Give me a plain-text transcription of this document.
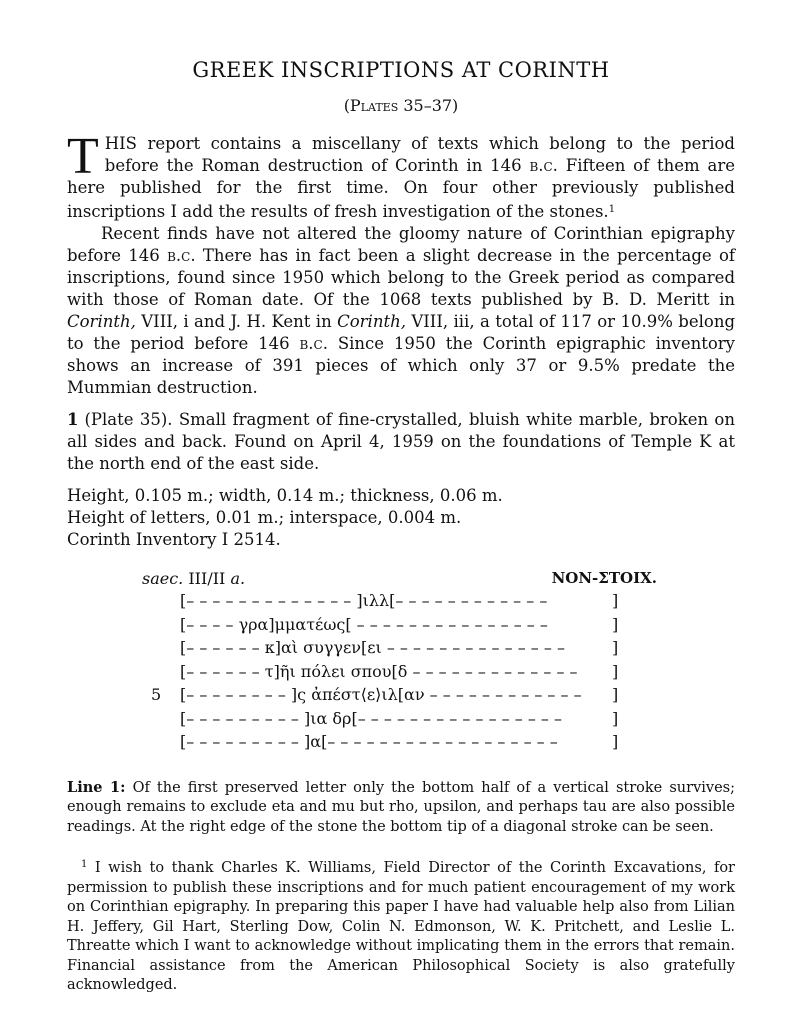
GREEK INSCRIPTIONS AT CORINTH
(Plates 35–37)

THIS report contains a miscellany of texts which belong to the period before the Roman destruction of Corinth in 146 b.c. Fifteen of them are here published for the first time. On four other previously published inscriptions I add the results of fresh investigation of the stones.$^1$

Recent finds have not altered the gloomy nature of Corinthian epigraphy before 146 b.c. There has in fact been a slight decrease in the percentage of inscriptions, found since 1950 which belong to the Greek period as compared with those of Roman date. Of the 1068 texts published by B. D. Meritt in Corinth, VIII, i and J. H. Kent in Corinth, VIII, iii, a total of 117 or 10.9% belong to the period before 146 b.c. Since 1950 the Corinth epigraphic inventory shows an increase of 391 pieces of which only 37 or 9.5% predate the Mummian destruction.

1 (Plate 35). Small fragment of fine-crystalled, bluish white marble, broken on all sides and back. Found on April 4, 1959 on the foundations of Temple K at the north end of the east side.

Height, 0.105 m.; width, 0.14 m.; thickness, 0.06 m.
Height of letters, 0.01 m.; interspace, 0.004 m.
Corinth Inventory I 2514.
saec. III/II a.	NON-ΣTOIX.
[– – – – – – – – – – – – – ]ιλλ[– – – – – – – – – – – –	]
[– – – – γρα]μματέως[ – – – – – – – – – – – – – – –	]
[– – – – – – κ]αὶ συγγεν[ει – – – – – – – – – – – – – –	]
[– – – – – – τ]ῆι πόλει σπου[δ – – – – – – – – – – – – – ]
5 [– – – – – – – – ]ς ἀπέστ⟨ε⟩ιλ[αν – – – – – – – – – – – – ]
[– – – – – – – – – ]ια δρ[– – – – – – – – – – – – – – – –	]
[– – – – – – – – – ]α[– – – – – – – – – – – – – – – – – –	]

Line 1: Of the first preserved letter only the bottom half of a vertical stroke survives; enough remains to exclude eta and mu but rho, upsilon, and perhaps tau are also possible readings. At the right edge of the stone the bottom tip of a diagonal stroke can be seen.

$^1$ I wish to thank Charles K. Williams, Field Director of the Corinth Excavations, for permission to publish these inscriptions and for much patient encouragement of my work on Corinthian epigraphy. In preparing this paper I have had valuable help also from Lilian H. Jeffery, Gil Hart, Sterling Dow, Colin N. Edmonson, W. K. Pritchett, and Leslie L. Threatte which I want to acknowledge without implicating them in the errors that remain. Financial assistance from the American Philosophical Society is also gratefully acknowledged.
